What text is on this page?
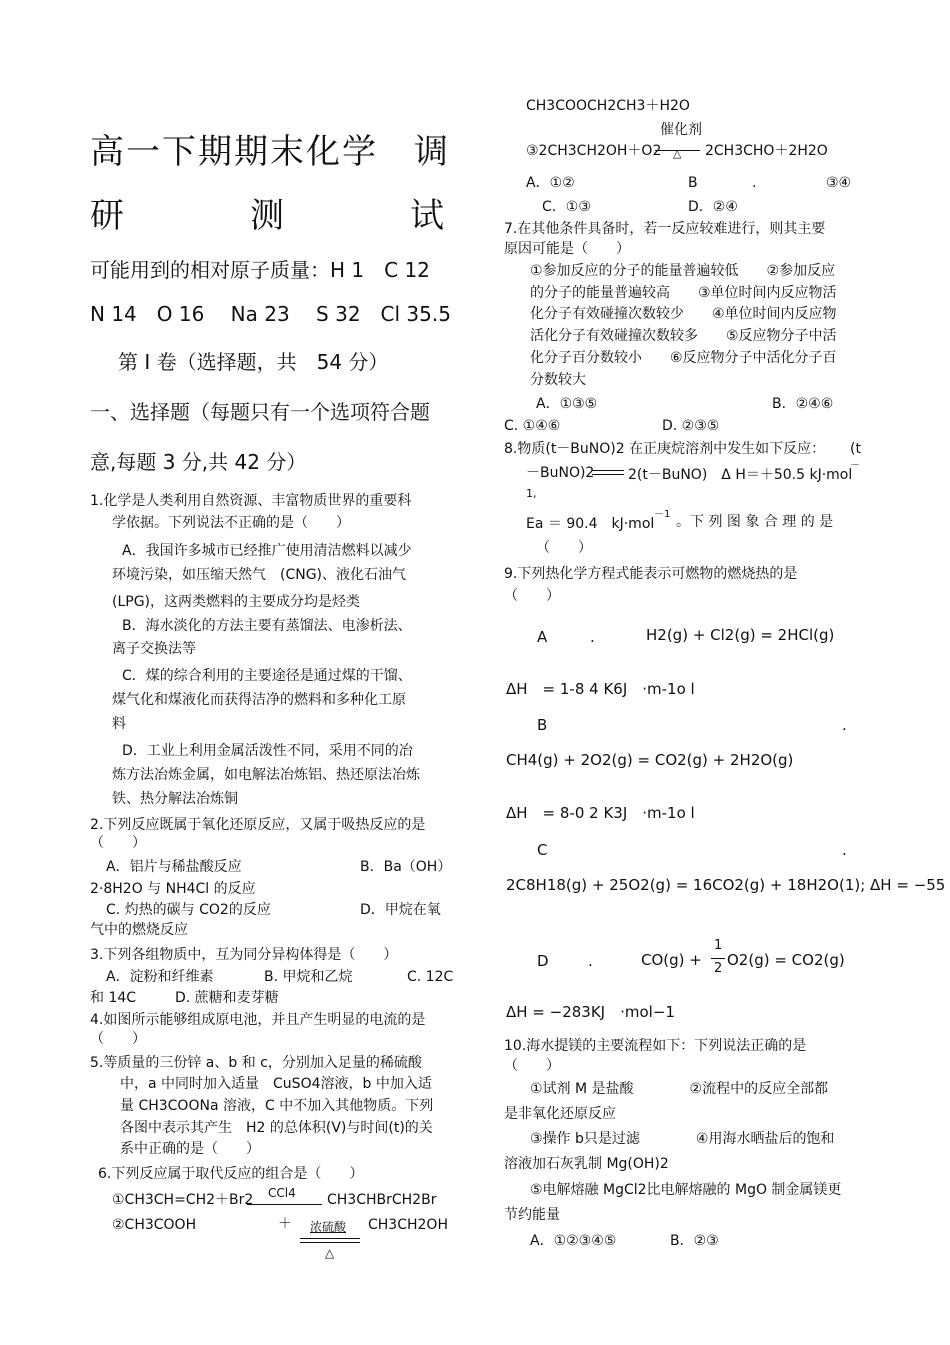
高一下期期末化学　调
研	测	试
可能用到的相对原子质量：H 1　C 12
N 14　O 16　 Na 23　 S 32　Cl 35.5
第 I 卷（选择题，共　54 分）
一、选择题（每题只有一个选项符合题
意,每题 3 分,共 42 分）
1.化学是人类利用自然资源、丰富物质世界的重要科
学依据。下列说法不正确的是（　　）
A．我国许多城市已经推广使用清洁燃料以减少
环境污染，如压缩天然气　(CNG)、液化石油气
(LPG)，这两类燃料的主要成分均是烃类
B．海水淡化的方法主要有蒸馏法、电渗析法、
离子交换法等
C．煤的综合利用的主要途径是通过煤的干馏、
煤气化和煤液化而获得洁净的燃料和多种化工原
料
D．工业上利用金属活泼性不同，采用不同的冶
炼方法冶炼金属，如电解法冶炼铝、热还原法冶炼
铁、热分解法冶炼铜
2.下列反应既属于氧化还原反应，又属于吸热反应的是
（　　）
A．铝片与稀盐酸反应	B．Ba（OH）
2·8H2O 与 NH4Cl 的反应
C. 灼热的碳与 CO2的反应	D．甲烷在氧
气中的燃烧反应
3.下列各组物质中，互为同分异构体得是（　　）
A．淀粉和纤维素	B. 甲烷和乙烷	C. 12C
和 14C	D. 蔗糖和麦芽糖
4.如图所示能够组成原电池，并且产生明显的电流的是
（　　）
5.等质量的三份锌 a、b 和 c，分别加入足量的稀硫酸
中，a 中同时加入适量　CuSO4溶液，b 中加入适
量 CH3COONa 溶液，C 中不加入其他物质。下列
各图中表示其产生　H2 的总体积(V)与时间(t)的关
系中正确的是（　　）
6.下列反应属于取代反应的组合是（　　）
①CH3CH=CH2＋Br2 CCl4 CH3CHBrCH2Br
②CH3COOH	＋ 浓硫酸 CH3CH2OH
△
CH3COOCH2CH3＋H2O
催化剂
③2CH3CH2OH＋O2 △ 2CH3CHO＋2H2O
A．①②	B	.	③④
C．①③	D．②④
7.在其他条件具备时，若一反应较难进行，则其主要
原因可能是（　　）
①参加反应的分子的能量普遍较低　　②参加反应
的分子的能量普遍较高　　③单位时间内反应物活
化分子有效碰撞次数较少　　④单位时间内反应物
活化分子有效碰撞次数较多　　⑤反应物分子中活
化分子百分数较小　　⑥反应物分子中活化分子百
分数较大
A．①③⑤	B．②④⑥
C. ①④⑥	D. ②③⑤
8.物质(t－BuNO)2 在正庚烷溶剂中发生如下反应： (t
－BuNO)2 2(t－BuNO)　Δ H＝＋50.5 kJ·mol
－
1,
Ea ＝ 90.4　kJ·mol
－1 。下 列 图 象 合 理 的 是
（　　）
9.下列热化学方程式能表示可燃物的燃烧热的是
（　　）
A	.	H2(g) + Cl2(g) = 2HCl(g)
ΔH　= 1-8 4 K6J　·m-1o l
B	.
CH4(g) + 2O2(g) = CO2(g) + 2H2O(g)
ΔH　= 8-0 2 K3J　·m-1o l
C	.
2C8H18(g) + 25O2(g) = 16CO2(g) + 18H2O(1); ΔH = −55
D	.	CO(g) +
1
2 O2(g) = CO2(g)
ΔH = −283KJ　·mol−1
10.海水提镁的主要流程如下：下列说法正确的是
（　　）
①试剂 M 是盐酸　　　　②流程中的反应全部都
是非氧化还原反应
③操作 b只是过滤　　　　④用海水晒盐后的饱和
溶液加石灰乳制 Mg(OH)2
⑤电解熔融 MgCl2比电解熔融的 MgO 制金属镁更
节约能量
A．①②③④⑤	B．②③
